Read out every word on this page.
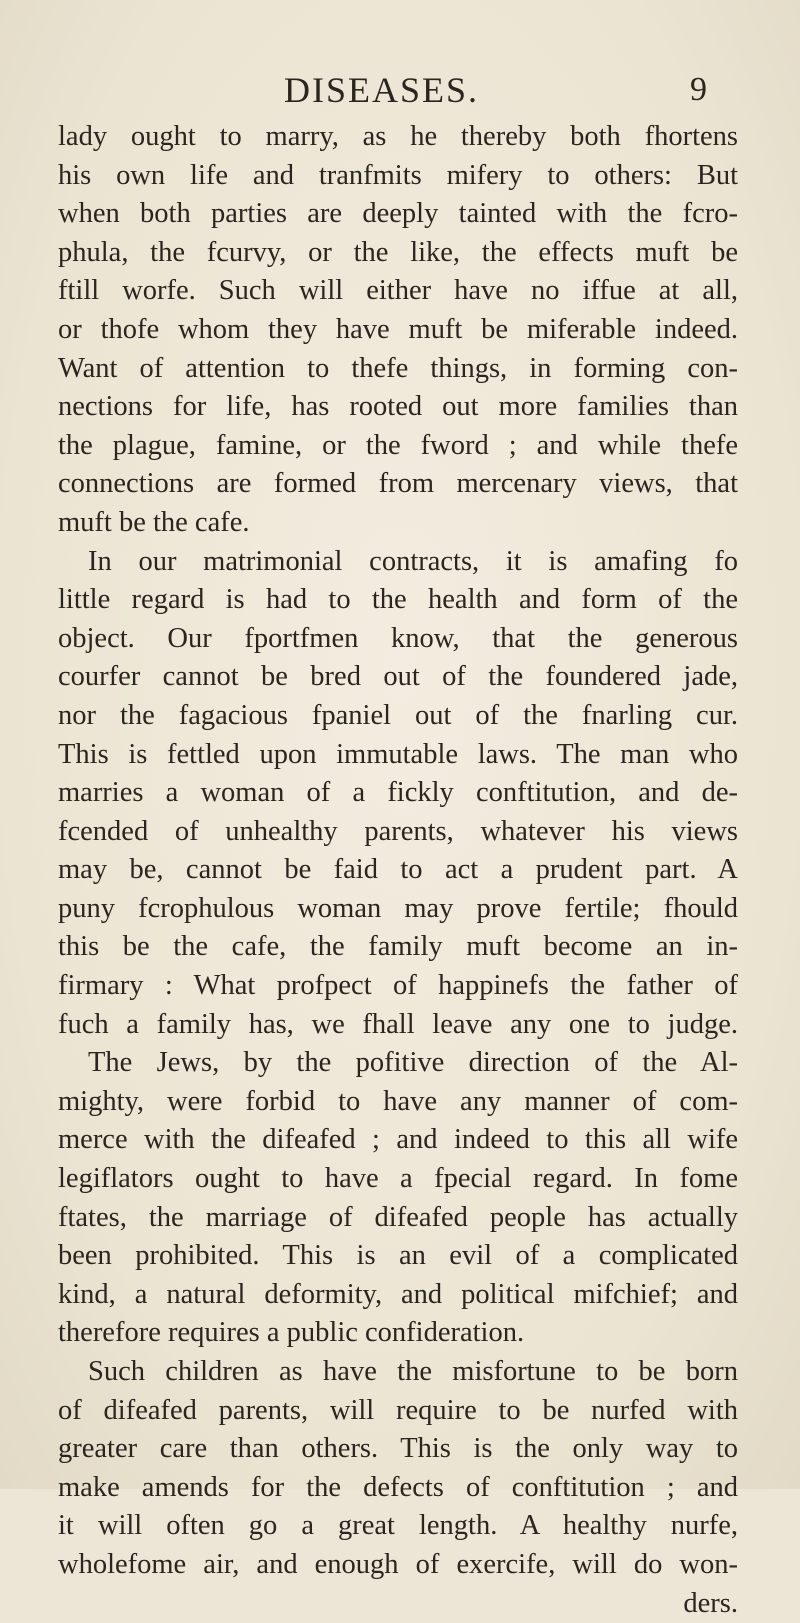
DISEASES.	9
lady ought to marry, as he thereby both fhortens
his own life and tranfmits mifery to others: But
when both parties are deeply tainted with the fcro-
phula, the fcurvy, or the like, the effects muft be
ftill worfe. Such will either have no iffue at all,
or thofe whom they have muft be miferable indeed.
Want of attention to thefe things, in forming con-
nections for life, has rooted out more families than
the plague, famine, or the fword ; and while thefe
connections are formed from mercenary views, that
muft be the cafe.
In our matrimonial contracts, it is amafing fo
little regard is had to the health and form of the
object. Our fportfmen know, that the generous
courfer cannot be bred out of the foundered jade,
nor the fagacious fpaniel out of the fnarling cur.
This is fettled upon immutable laws. The man who
marries a woman of a fickly conftitution, and de-
fcended of unhealthy parents, whatever his views
may be, cannot be faid to act a prudent part. A
puny fcrophulous woman may prove fertile; fhould
this be the cafe, the family muft become an in-
firmary : What profpect of happinefs the father of
fuch a family has, we fhall leave any one to judge.
The Jews, by the pofitive direction of the Al-
mighty, were forbid to have any manner of com-
merce with the difeafed ; and indeed to this all wife
legiflators ought to have a fpecial regard. In fome
ftates, the marriage of difeafed people has actually
been prohibited. This is an evil of a complicated
kind, a natural deformity, and political mifchief; and
therefore requires a public confideration.
Such children as have the misfortune to be born
of difeafed parents, will require to be nurfed with
greater care than others. This is the only way to
make amends for the defects of conftitution ; and
it will often go a great length. A healthy nurfe,
wholefome air, and enough of exercife, will do won-
ders.
